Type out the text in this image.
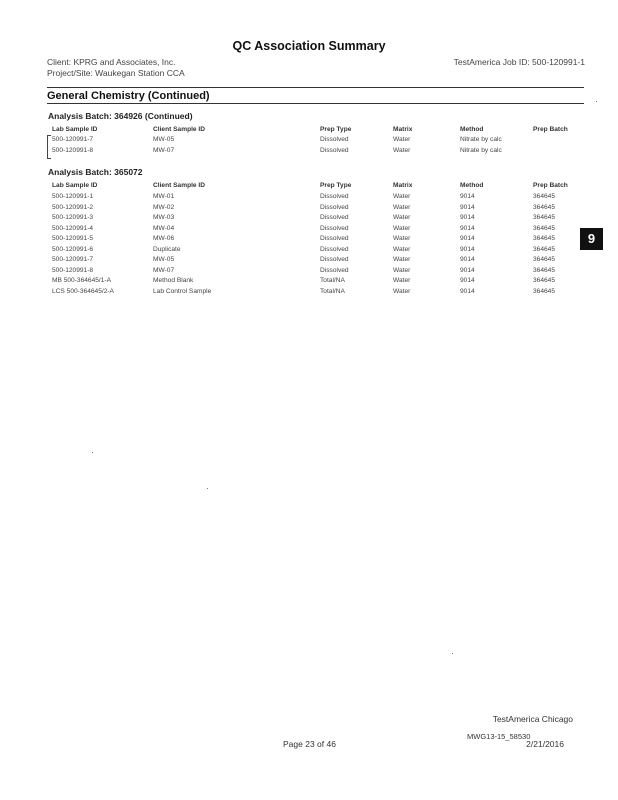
QC Association Summary
Client: KPRG and Associates, Inc.
Project/Site: Waukegan Station CCA
TestAmerica Job ID: 500-120991-1
General Chemistry (Continued)
Analysis Batch: 364926 (Continued)
Lab Sample ID	Client Sample ID	Prep Type	Matrix	Method	Prep Batch
500-120991-7	MW-05	Dissolved	Water	Nitrate by calc
500-120991-8	MW-07	Dissolved	Water	Nitrate by calc
Analysis Batch: 365072
Lab Sample ID	Client Sample ID	Prep Type	Matrix	Method	Prep Batch
500-120991-1	MW-01	Dissolved	Water	9014	364645
500-120991-2	MW-02	Dissolved	Water	9014	364645
500-120991-3	MW-03	Dissolved	Water	9014	364645
500-120991-4	MW-04	Dissolved	Water	9014	364645
500-120991-5	MW-06	Dissolved	Water	9014	364645
500-120991-6	Duplicate	Dissolved	Water	9014	364645
500-120991-7	MW-05	Dissolved	Water	9014	364645
500-120991-8	MW-07	Dissolved	Water	9014	364645
MB 500-364645/1-A	Method Blank	Total/NA	Water	9014	364645
LCS 500-364645/2-A	Lab Control Sample	Total/NA	Water	9014	364645
9
TestAmerica Chicago
MWG13-15_58530
Page 23 of 46	2/21/2016
